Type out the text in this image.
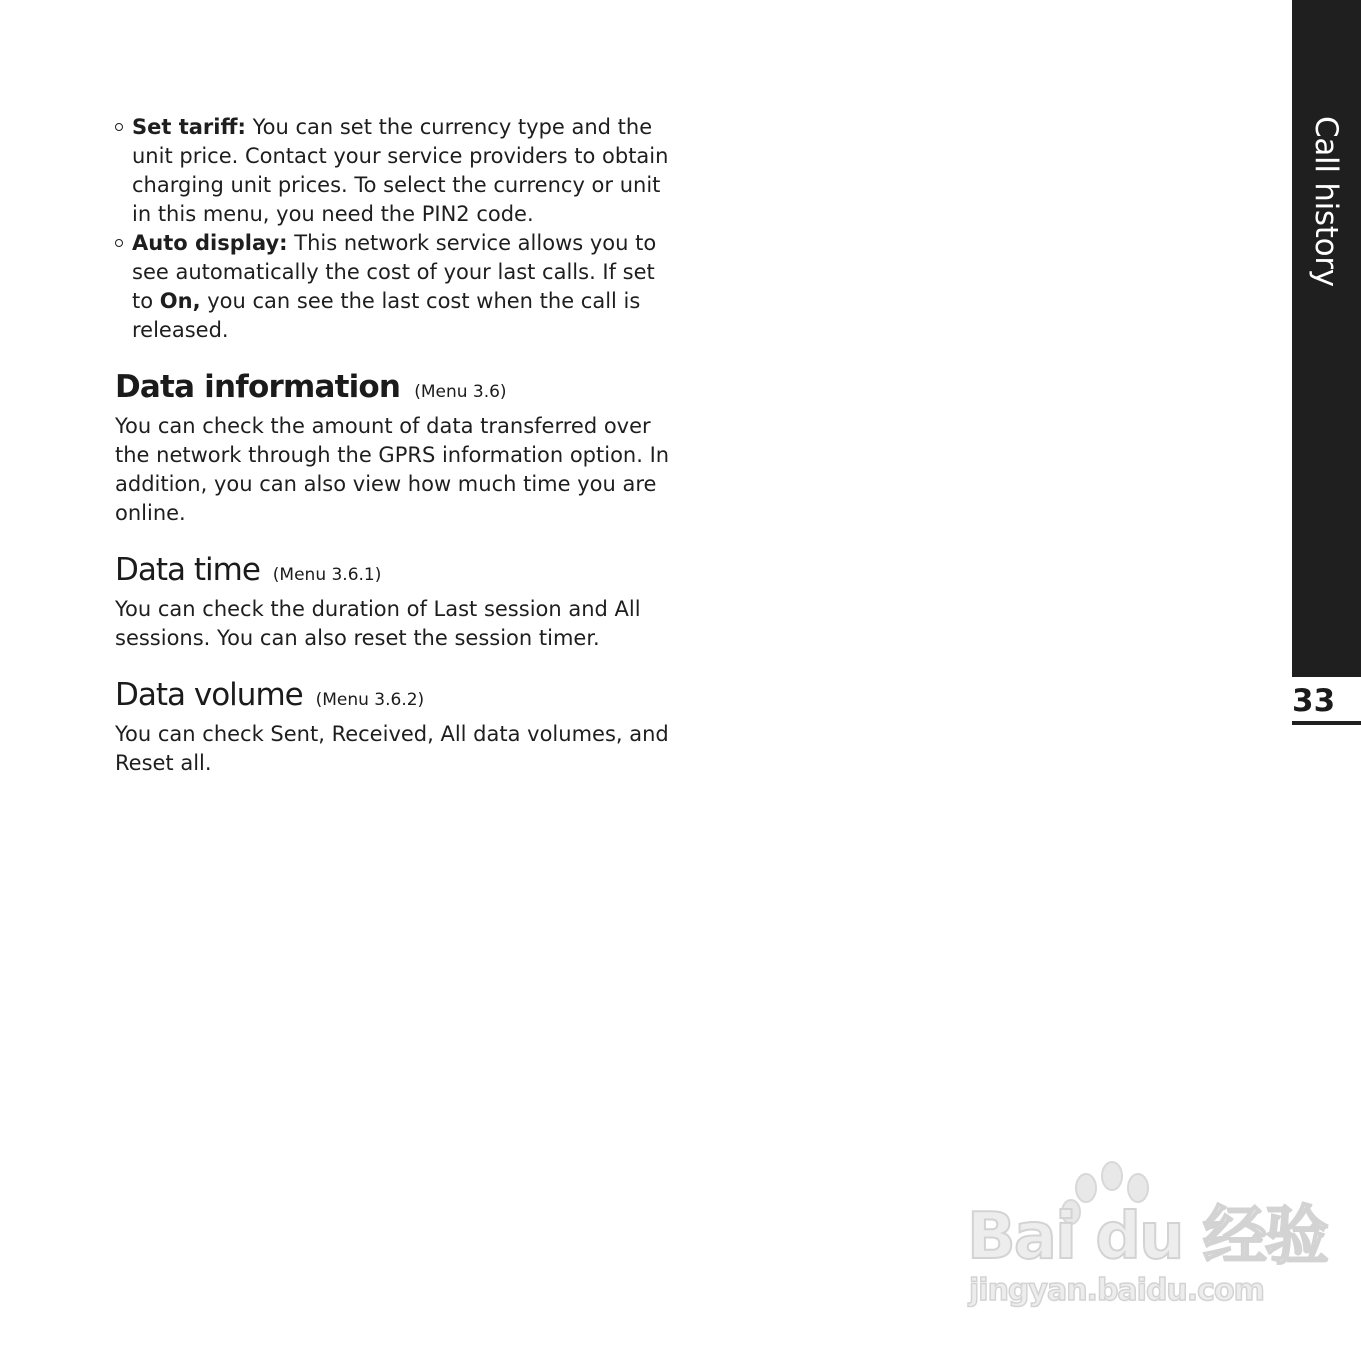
Set tariff: You can set the currency type and the unit price. Contact your service providers to obtain charging unit prices. To select the currency or unit in this menu, you need the PIN2 code.
Auto display: This network service allows you to see automatically the cost of your last calls. If set to On, you can see the last cost when the call is released.
Data information (Menu 3.6)

You can check the amount of data transferred over the network through the GPRS information option. In addition, you can also view how much time you are online.

Data time (Menu 3.6.1)

You can check the duration of Last session and All sessions. You can also reset the session timer.

Data volume (Menu 3.6.2)

You can check Sent, Received, All data volumes, and Reset all.

Call history
33
Bai du 经验
jingyan.baidu.com
